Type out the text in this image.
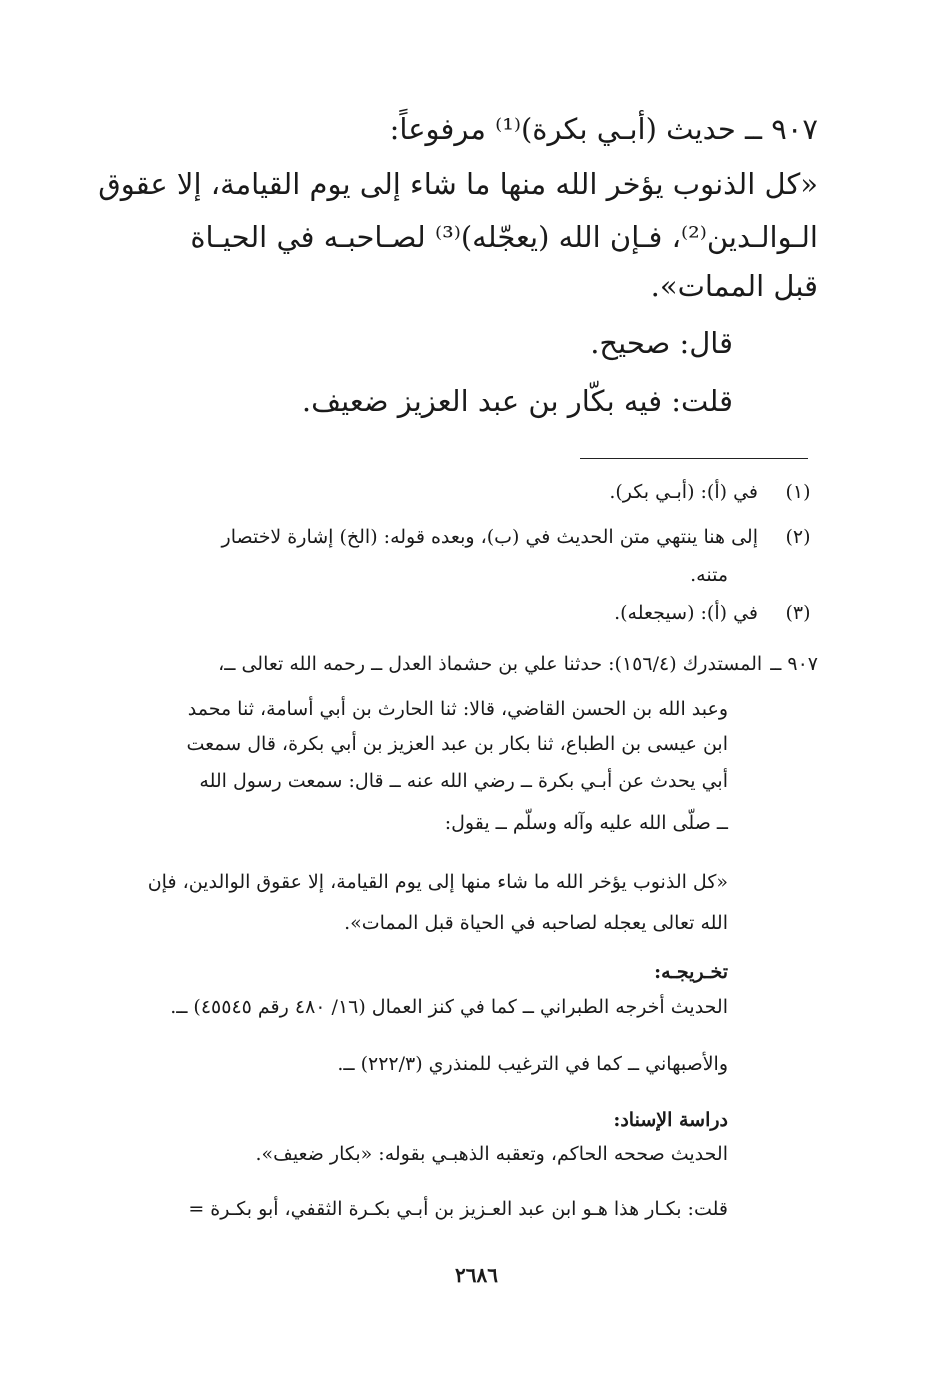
٩٠٧ ــ حديث (أبـي بكرة)⁽¹⁾ مرفوعاً:
«كل الذنوب يؤخر الله منها ما شاء إلى يوم القيامة، إلا عقوق
الـوالـدين⁽²⁾، فـإن الله (يعجّله)⁽³⁾ لصـاحبـه في الحيـاة
قبل الممات».
قال: صحيح.
قلت: فيه بكّار بن عبد العزيز ضعيف.
(١)في (أ): (أبـي بكر).
(٢)إلى هنا ينتهي متن الحديث في (ب)، وبعده قوله: (الخ) إشارة لاختصار
متنه.
(٣)في (أ): (سيجعله).
٩٠٧ ــالمستدرك (١٥٦/٤): حدثنا علي بن حشماذ العدل ــ رحمه الله تعالى ــ،
وعبد الله بن الحسن القاضي، قالا: ثنا الحارث بن أبي أسامة، ثنا محمد
ابن عيسى بن الطباع، ثنا بكار بن عبد العزيز بن أبي بكرة، قال سمعت
أبي يحدث عن أبـي بكرة ــ رضي الله عنه ــ قال: سمعت رسول الله
ــ صلّى الله عليه وآله وسلّم ــ يقول:
«كل الذنوب يؤخر الله ما شاء منها إلى يوم القيامة، إلا عقوق الوالدين، فإن
الله تعالى يعجله لصاحبه في الحياة قبل الممات».
تخـريجـه:
الحديث أخرجه الطبراني ــ كما في كنز العمال (١٦/ ٤٨٠ رقم ٤٥٥٤٥) ــ.
والأصبهاني ــ كما في الترغيب للمنذري (٢٢٢/٣) ــ.
دراسة الإسناد:
الحديث صححه الحاكم، وتعقبه الذهبـي بقوله: «بكار ضعيف».
قلت: بكـار هذا هـو ابن عبد العـزيز بن أبـي بكـرة الثقفي، أبو بكـرة =
٢٦٨٦
